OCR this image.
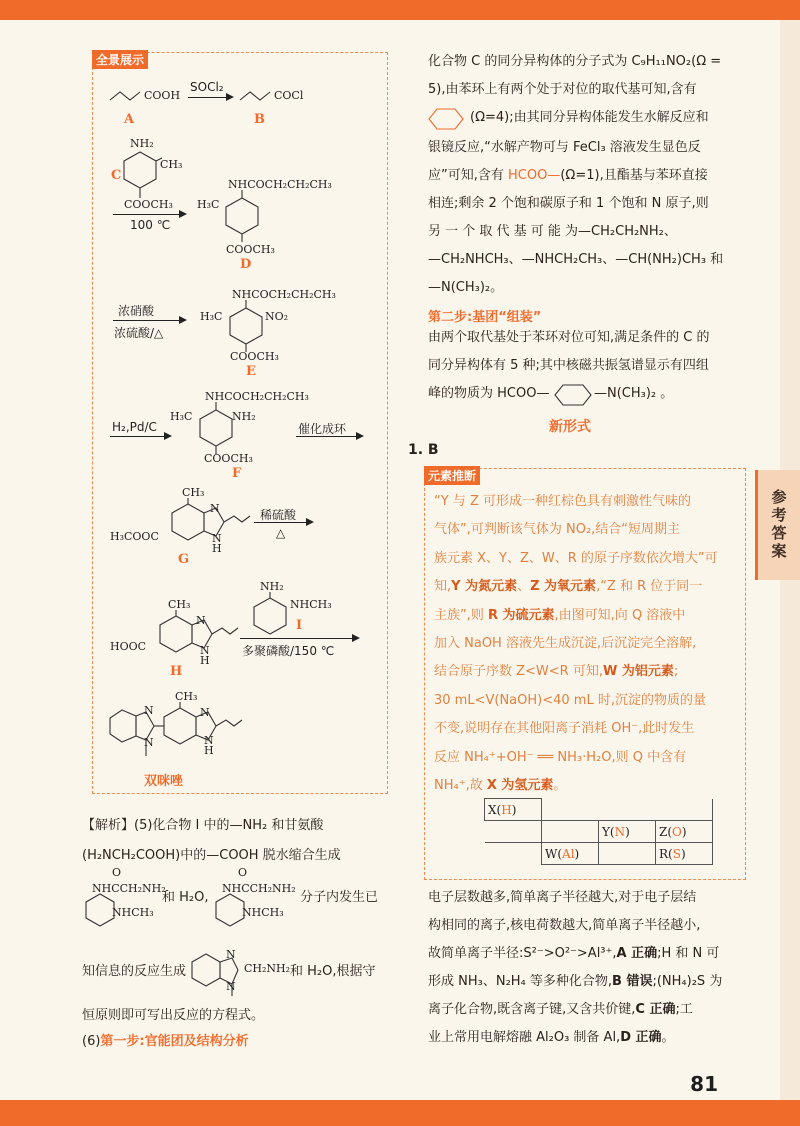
参考答案
全景展示
COOH
A
SOCl₂
COCl
B
NH₂
CH₃
C
COOCH₃
100 ℃
NHCOCH₂CH₂CH₃
H₃C
COOCH₃
D
浓硝酸
浓硫酸/△
NHCOCH₂CH₂CH₃
H₃C	NO₂
COOCH₃
E
NHCOCH₂CH₂CH₃
H₂,Pd/C
H₃C	NH₂
COOCH₃
F
催化成环
CH₃
N
N
H
H₃COOC
G
稀硫酸
△
CH₃
N
N
H
HOOC
H
NH₂
NHCH₃
I
多聚磷酸/150 ℃
CH₃
N
N
N
N
H
双咪唑
【解析】(5)化合物 I 中的—NH₂ 和甘氨酸
(H₂NCH₂COOH)中的—COOH 脱水缩合生成
O
NHCCH₂NH₂
NHCH₃
和 H₂O,
O
NHCCH₂NH₂
NHCH₃
分子内发生已
知信息的反应生成
N
N
CH₂NH₂ 和 H₂O,根据守
恒原则即可写出反应的方程式。
(6)第一步:官能团及结构分析
化合物 C 的同分异构体的分子式为 C₉H₁₁NO₂(Ω =
5),由苯环上有两个处于对位的取代基可知,含有
(Ω=4);由其同分异构体能发生水解反应和
银镜反应,“水解产物可与 FeCl₃ 溶液发生显色反
应”可知,含有 HCOO—(Ω=1),且酯基与苯环直接
相连;剩余 2 个饱和碳原子和 1 个饱和 N 原子,则
另 一 个 取 代 基 可 能 为—CH₂CH₂NH₂、
—CH₂NHCH₃、—NHCH₂CH₃、—CH(NH₂)CH₃ 和
—N(CH₃)₂。
第二步:基团“组装”
由两个取代基处于苯环对位可知,满足条件的 C 的
同分异构体有 5 种;其中核磁共振氢谱显示有四组
峰的物质为 HCOO—	—N(CH₃)₂ 。
新形式
1. B
元素推断
“Y 与 Z 可形成一种红棕色具有刺激性气味的
气体”,可判断该气体为 NO₂,结合“短周期主
族元素 X、Y、Z、W、R 的原子序数依次增大”可
知,Y 为氮元素、Z 为氧元素,“Z 和 R 位于同一
主族”,则 R 为硫元素,由图可知,向 Q 溶液中
加入 NaOH 溶液先生成沉淀,后沉淀完全溶解,
结合原子序数 Z<W<R 可知,W 为铝元素;
30 mL<V(NaOH)<40 mL 时,沉淀的物质的量
不变,说明存在其他阳离子消耗 OH⁻,此时发生
反应 NH₄⁺+OH⁻ ══ NH₃·H₂O,则 Q 中含有
NH₄⁺,故 X 为氢元素。
X(H)			
		Y(N)	Z(O)
	W(Al)		R(S)
电子层数越多,简单离子半径越大,对于电子层结
构相同的离子,核电荷数越大,简单离子半径越小,
故简单离子半径:S²⁻>O²⁻>Al³⁺,A 正确;H 和 N 可
形成 NH₃、N₂H₄ 等多种化合物,B 错误;(NH₄)₂S 为
离子化合物,既含离子键,又含共价键,C 正确;工
业上常用电解熔融 Al₂O₃ 制备 Al,D 正确。
81
